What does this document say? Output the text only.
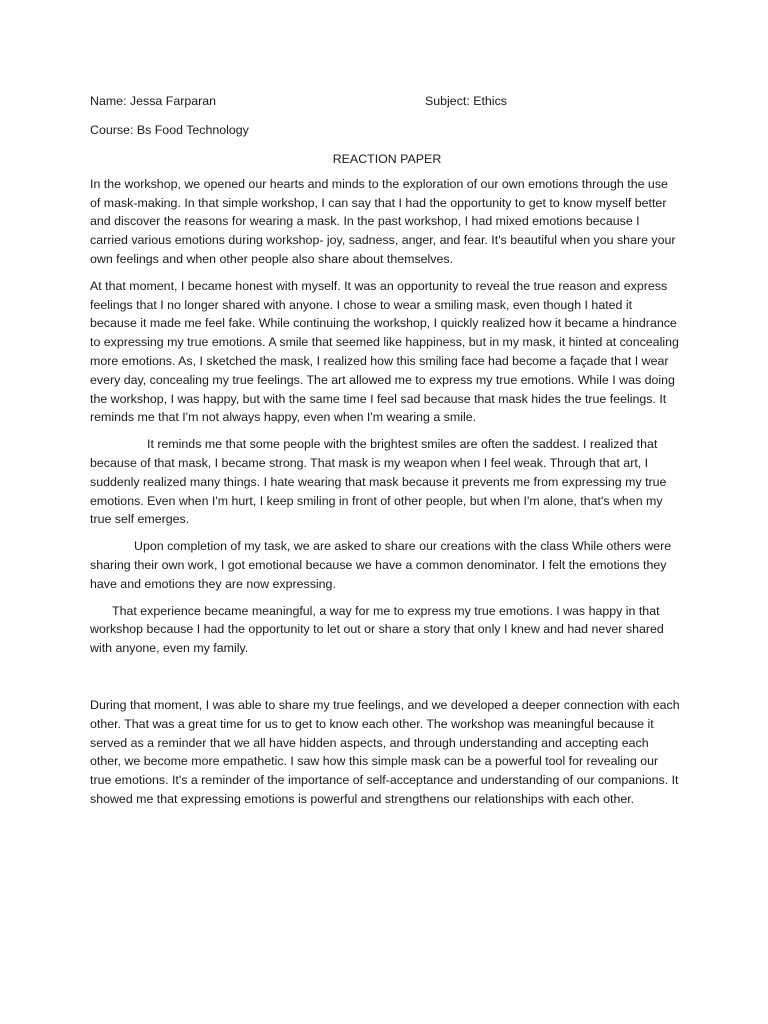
Name: Jessa Farparan	Subject: Ethics
Course: Bs Food Technology
REACTION PAPER

In the workshop, we opened our hearts and minds to the exploration of our own emotions through the use of mask-making. In that simple workshop, I can say that I had the opportunity to get to know myself better and discover the reasons for wearing a mask. In the past workshop, I had mixed emotions because I carried various emotions during workshop- joy, sadness, anger, and fear. It's beautiful when you share your own feelings and when other people also share about themselves.

At that moment, I became honest with myself. It was an opportunity to reveal the true reason and express feelings that I no longer shared with anyone. I chose to wear a smiling mask, even though I hated it because it made me feel fake. While continuing the workshop, I quickly realized how it became a hindrance to expressing my true emotions. A smile that seemed like happiness, but in my mask, it hinted at concealing more emotions. As, I sketched the mask, I realized how this smiling face had become a façade that I wear every day, concealing my true feelings. The art allowed me to express my true emotions. While I was doing the workshop, I was happy, but with the same time I feel sad because that mask hides the true feelings. It reminds me that I'm not always happy, even when I'm wearing a smile.

It reminds me that some people with the brightest smiles are often the saddest. I realized that because of that mask, I became strong. That mask is my weapon when I feel weak. Through that art, I suddenly realized many things. I hate wearing that mask because it prevents me from expressing my true emotions. Even when I'm hurt, I keep smiling in front of other people, but when I'm alone, that's when my true self emerges.

Upon completion of my task, we are asked to share our creations with the class While others were sharing their own work, I got emotional because we have a common denominator. I felt the emotions they have and emotions they are now expressing.

That experience became meaningful, a way for me to express my true emotions. I was happy in that workshop because I had the opportunity to let out or share a story that only I knew and had never shared with anyone, even my family.

During that moment, I was able to share my true feelings, and we developed a deeper connection with each other. That was a great time for us to get to know each other. The workshop was meaningful because it served as a reminder that we all have hidden aspects, and through understanding and accepting each other, we become more empathetic. I saw how this simple mask can be a powerful tool for revealing our true emotions. It's a reminder of the importance of self-acceptance and understanding of our companions. It showed me that expressing emotions is powerful and strengthens our relationships with each other.
